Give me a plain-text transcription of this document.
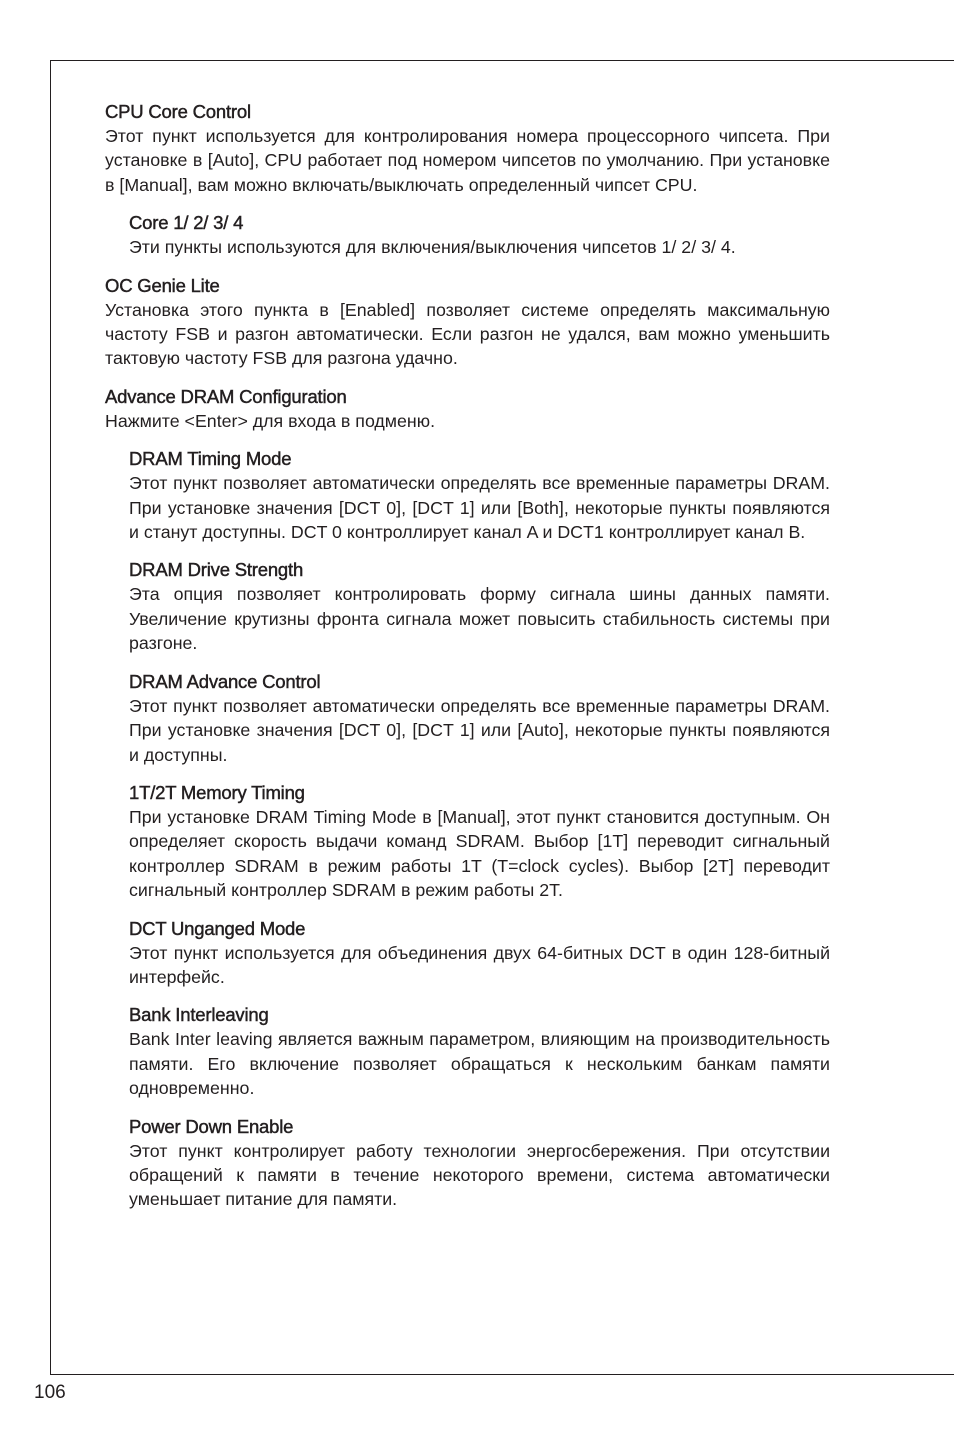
CPU Core Control

Этот пункт используется для контролирования номера процессорного чипсета. При установке в [Auto], CPU работает под номером чипсетов по умолчанию. При установке в [Manual], вам можно включать/выключать определенный чипсет CPU.

Core 1/ 2/ 3/ 4

Эти пункты используются для включения/выключения чипсетов 1/ 2/ 3/ 4.

OC Genie Lite

Установка этого пункта в [Enabled] позволяет системе определять максимальную частоту FSB и разгон автоматически. Если разгон не удался, вам можно уменьшить тактовую частоту FSB для разгона удачно.

Advance DRAM Configuration

Нажмите <Enter> для входа в подменю.

DRAM Timing Mode

Этот пункт позволяет автоматически определять все временные параметры DRAM. При установке значения [DCT 0], [DCT 1] или [Both], некоторые пункты появляются и станут доступны. DCT 0 контроллирует канал A и DCT1 контроллирует канал B.

DRAM Drive Strength

Эта опция позволяет контролировать форму сигнала шины данных памяти. Увеличение крутизны фронта сигнала может повысить стабильность системы при разгоне.

DRAM Advance Control

Этот пункт позволяет автоматически определять все временные параметры DRAM. При установке значения [DCT 0], [DCT 1] или [Auto], некоторые пункты появляются и доступны.

1T/2T Memory Timing

При установке DRAM Timing Mode в [Manual], этот пункт становится доступным. Он определяет скорость выдачи команд SDRAM. Выбор [1T] переводит сигнальный контроллер SDRAM в режим работы 1T (T=clock cycles). Выбор [2T] переводит сигнальный контроллер SDRAM в режим работы 2T.

DCT Unganged Mode

Этот пункт используется для объединения двух 64-битных DCT в один 128-битный интерфейс.

Bank Interleaving

Bank Inter leaving является важным параметром, влияющим на производительность памяти. Его включение позволяет обращаться к нескольким банкам памяти одновременно.

Power Down Enable

Этот пункт контролирует работу технологии энергосбережения. При отсутствии обращений к памяти в течение некоторого времени, система автоматически уменьшает питание для памяти.

106
